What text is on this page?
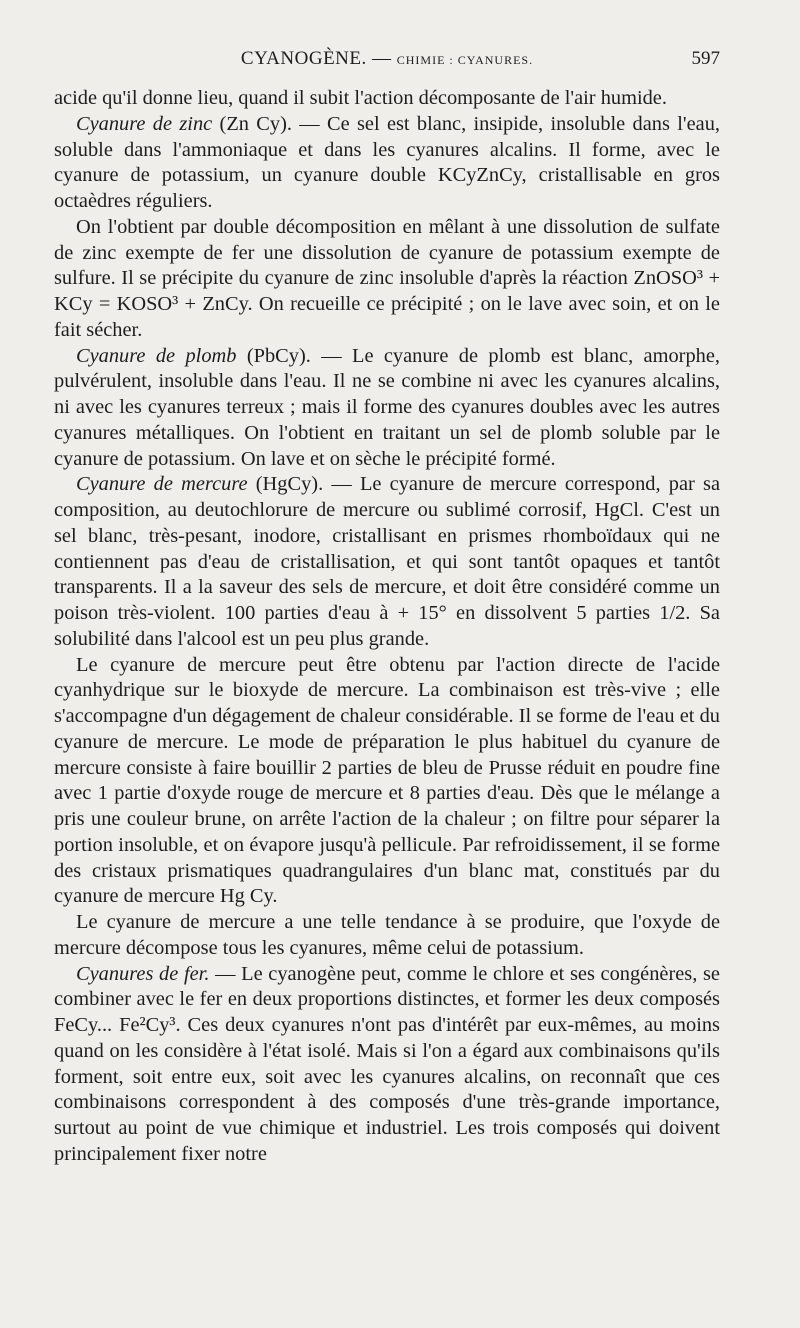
CYANOGÈNE. — CHIMIE : CYANURES.	597

acide qu'il donne lieu, quand il subit l'action décomposante de l'air humide.

Cyanure de zinc (Zn Cy). — Ce sel est blanc, insipide, insoluble dans l'eau, soluble dans l'ammoniaque et dans les cyanures alcalins. Il forme, avec le cyanure de potassium, un cyanure double KCyZnCy, cristallisable en gros octaèdres réguliers.

On l'obtient par double décomposition en mêlant à une dissolution de sulfate de zinc exempte de fer une dissolution de cyanure de potassium exempte de sulfure. Il se précipite du cyanure de zinc insoluble d'après la réaction ZnOSO³ + KCy = KOSO³ + ZnCy. On recueille ce précipité ; on le lave avec soin, et on le fait sécher.

Cyanure de plomb (PbCy). — Le cyanure de plomb est blanc, amorphe, pulvérulent, insoluble dans l'eau. Il ne se combine ni avec les cyanures alcalins, ni avec les cyanures terreux ; mais il forme des cyanures doubles avec les autres cyanures métalliques. On l'obtient en traitant un sel de plomb soluble par le cyanure de potassium. On lave et on sèche le précipité formé.

Cyanure de mercure (HgCy). — Le cyanure de mercure correspond, par sa composition, au deutochlorure de mercure ou sublimé corrosif, HgCl. C'est un sel blanc, très-pesant, inodore, cristallisant en prismes rhomboïdaux qui ne contiennent pas d'eau de cristallisation, et qui sont tantôt opaques et tantôt transparents. Il a la saveur des sels de mercure, et doit être considéré comme un poison très-violent. 100 parties d'eau à + 15° en dissolvent 5 parties 1/2. Sa solubilité dans l'alcool est un peu plus grande.

Le cyanure de mercure peut être obtenu par l'action directe de l'acide cyanhydrique sur le bioxyde de mercure. La combinaison est très-vive ; elle s'accompagne d'un dégagement de chaleur considérable. Il se forme de l'eau et du cyanure de mercure. Le mode de préparation le plus habituel du cyanure de mercure consiste à faire bouillir 2 parties de bleu de Prusse réduit en poudre fine avec 1 partie d'oxyde rouge de mercure et 8 parties d'eau. Dès que le mélange a pris une couleur brune, on arrête l'action de la chaleur ; on filtre pour séparer la portion insoluble, et on évapore jusqu'à pellicule. Par refroidissement, il se forme des cristaux prismatiques quadrangulaires d'un blanc mat, constitués par du cyanure de mercure Hg Cy.

Le cyanure de mercure a une telle tendance à se produire, que l'oxyde de mercure décompose tous les cyanures, même celui de potassium.

Cyanures de fer. — Le cyanogène peut, comme le chlore et ses congénères, se combiner avec le fer en deux proportions distinctes, et former les deux composés FeCy... Fe²Cy³. Ces deux cyanures n'ont pas d'intérêt par eux-mêmes, au moins quand on les considère à l'état isolé. Mais si l'on a égard aux combinaisons qu'ils forment, soit entre eux, soit avec les cyanures alcalins, on reconnaît que ces combinaisons correspondent à des composés d'une très-grande importance, surtout au point de vue chimique et industriel. Les trois composés qui doivent principalement fixer notre
